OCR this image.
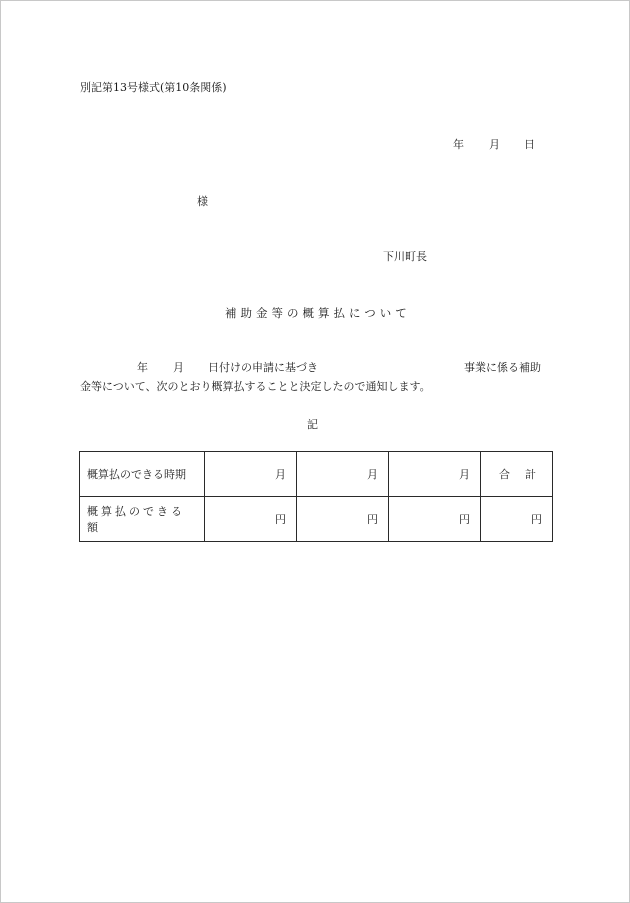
別記第13号様式(第10条関係)
年 月 日
様
下川町長
補助金等の概算払について
年 月 日付けの申請に基づき	事業に係る補助
金等について、次のとおり概算払することと決定したので通知します。
記
概算払のできる時期	月	月	月	合 計

概算払のできる額	円	円	円	円
